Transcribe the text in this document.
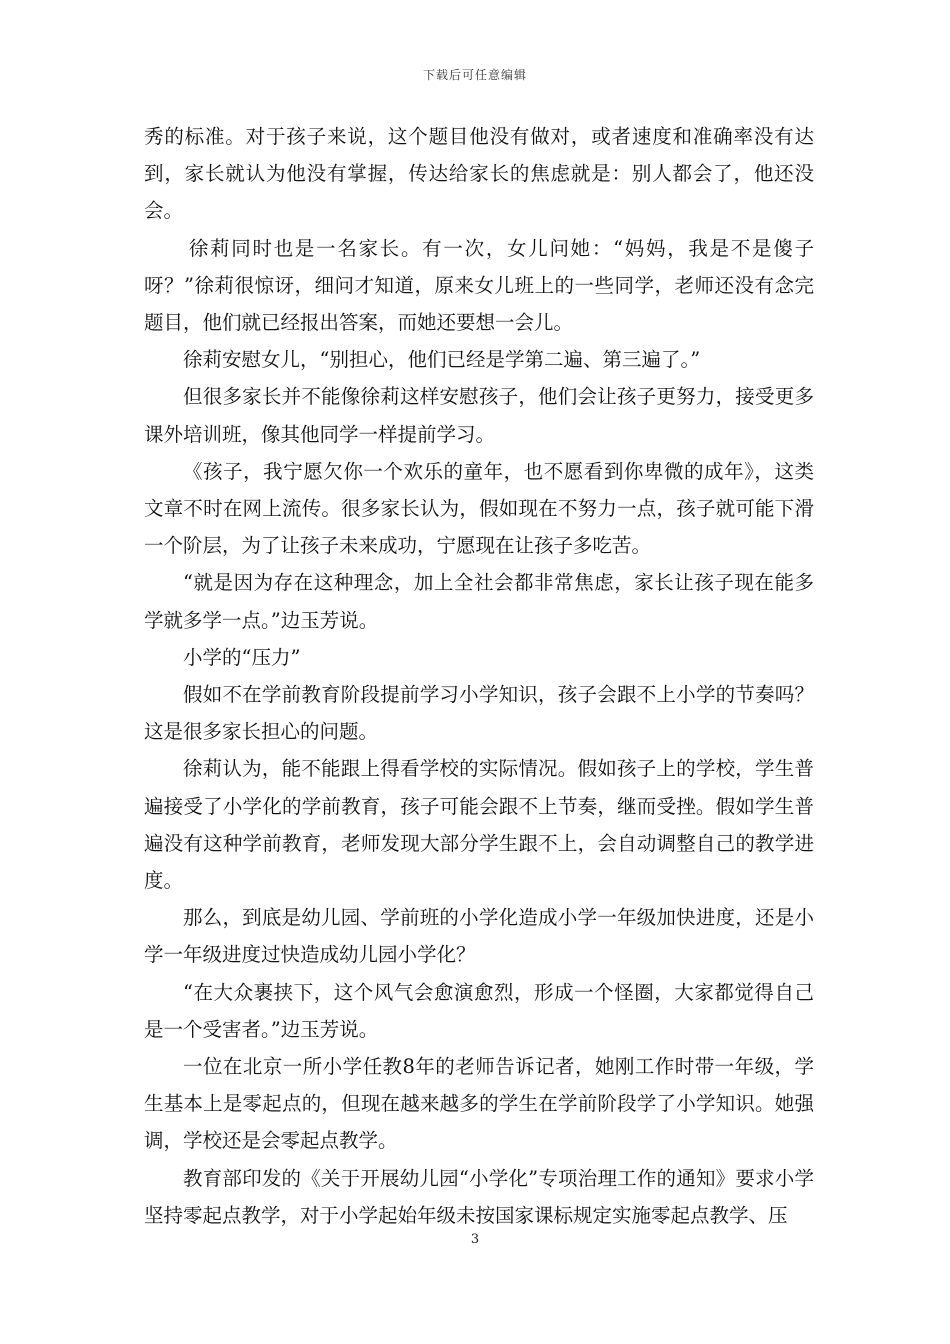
下载后可任意编辑

秀的标准。对于孩子来说，这个题目他没有做对，或者速度和准确率没有达到，家长就认为他没有掌握，传达给家长的焦虑就是：别人都会了，他还没会。

徐莉同时也是一名家长。有一次，女儿问她：“妈妈，我是不是傻子呀？”徐莉很惊讶，细问才知道，原来女儿班上的一些同学，老师还没有念完题目，他们就已经报出答案，而她还要想一会儿。

徐莉安慰女儿，“别担心，他们已经是学第二遍、第三遍了。”

但很多家长并不能像徐莉这样安慰孩子，他们会让孩子更努力，接受更多课外培训班，像其他同学一样提前学习。

《孩子，我宁愿欠你一个欢乐的童年，也不愿看到你卑微的成年》，这类文章不时在网上流传。很多家长认为，假如现在不努力一点，孩子就可能下滑一个阶层，为了让孩子未来成功，宁愿现在让孩子多吃苦。

“就是因为存在这种理念，加上全社会都非常焦虑，家长让孩子现在能多学就多学一点。”边玉芳说。

小学的“压力”

假如不在学前教育阶段提前学习小学知识，孩子会跟不上小学的节奏吗？这是很多家长担心的问题。

徐莉认为，能不能跟上得看学校的实际情况。假如孩子上的学校，学生普遍接受了小学化的学前教育，孩子可能会跟不上节奏，继而受挫。假如学生普遍没有这种学前教育，老师发现大部分学生跟不上，会自动调整自己的教学进度。

那么，到底是幼儿园、学前班的小学化造成小学一年级加快进度，还是小学一年级进度过快造成幼儿园小学化？

“在大众裹挟下，这个风气会愈演愈烈，形成一个怪圈，大家都觉得自己是一个受害者。”边玉芳说。

一位在北京一所小学任教8年的老师告诉记者，她刚工作时带一年级，学生基本上是零起点的，但现在越来越多的学生在学前阶段学了小学知识。她强调，学校还是会零起点教学。

教育部印发的《关于开展幼儿园“小学化”专项治理工作的通知》要求小学坚持零起点教学，对于小学起始年级未按国家课标规定实施零起点教学、压

3
